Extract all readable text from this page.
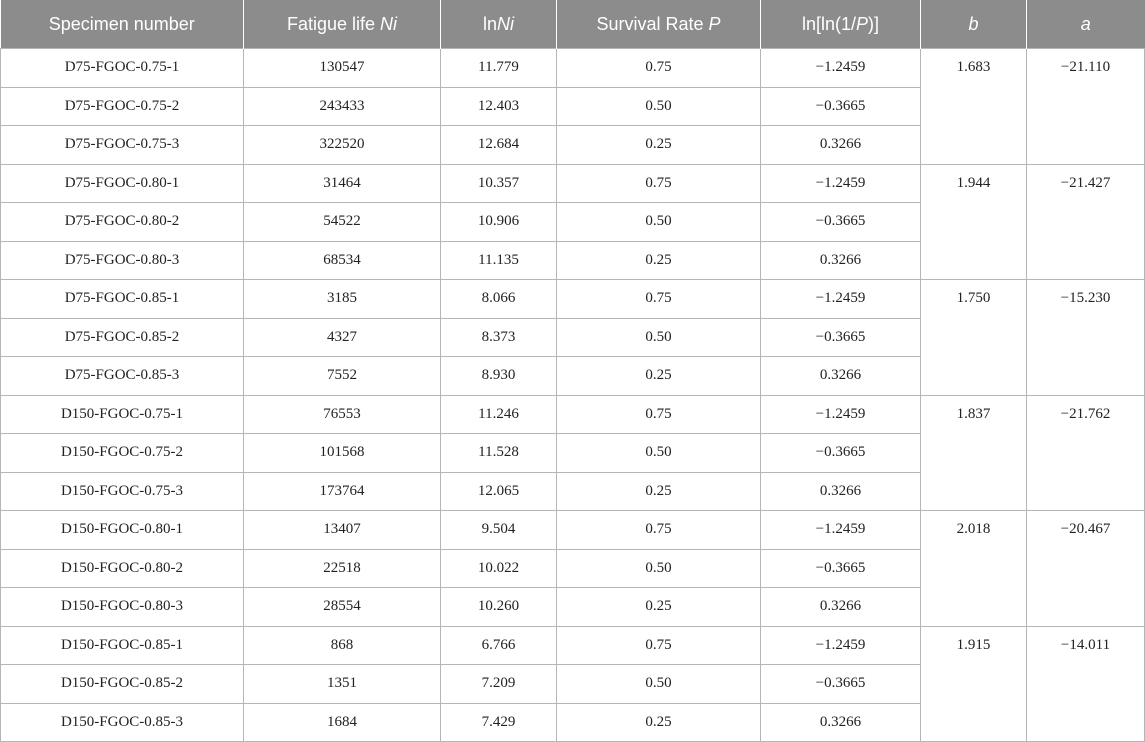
Specimen number	Fatigue life Ni	lnNi	Survival Rate P	ln[ln(1/P)]	b	a
D75-FGOC-0.75-1	130547	11.779	0.75	−1.2459	1.683	−21.110
D75-FGOC-0.75-2	243433	12.403	0.50	−0.3665		
D75-FGOC-0.75-3	322520	12.684	0.25	0.3266		
D75-FGOC-0.80-1	31464	10.357	0.75	−1.2459	1.944	−21.427
D75-FGOC-0.80-2	54522	10.906	0.50	−0.3665		
D75-FGOC-0.80-3	68534	11.135	0.25	0.3266		
D75-FGOC-0.85-1	3185	8.066	0.75	−1.2459	1.750	−15.230
D75-FGOC-0.85-2	4327	8.373	0.50	−0.3665		
D75-FGOC-0.85-3	7552	8.930	0.25	0.3266		
D150-FGOC-0.75-1	76553	11.246	0.75	−1.2459	1.837	−21.762
D150-FGOC-0.75-2	101568	11.528	0.50	−0.3665		
D150-FGOC-0.75-3	173764	12.065	0.25	0.3266		
D150-FGOC-0.80-1	13407	9.504	0.75	−1.2459	2.018	−20.467
D150-FGOC-0.80-2	22518	10.022	0.50	−0.3665		
D150-FGOC-0.80-3	28554	10.260	0.25	0.3266		
D150-FGOC-0.85-1	868	6.766	0.75	−1.2459	1.915	−14.011
D150-FGOC-0.85-2	1351	7.209	0.50	−0.3665		
D150-FGOC-0.85-3	1684	7.429	0.25	0.3266		
